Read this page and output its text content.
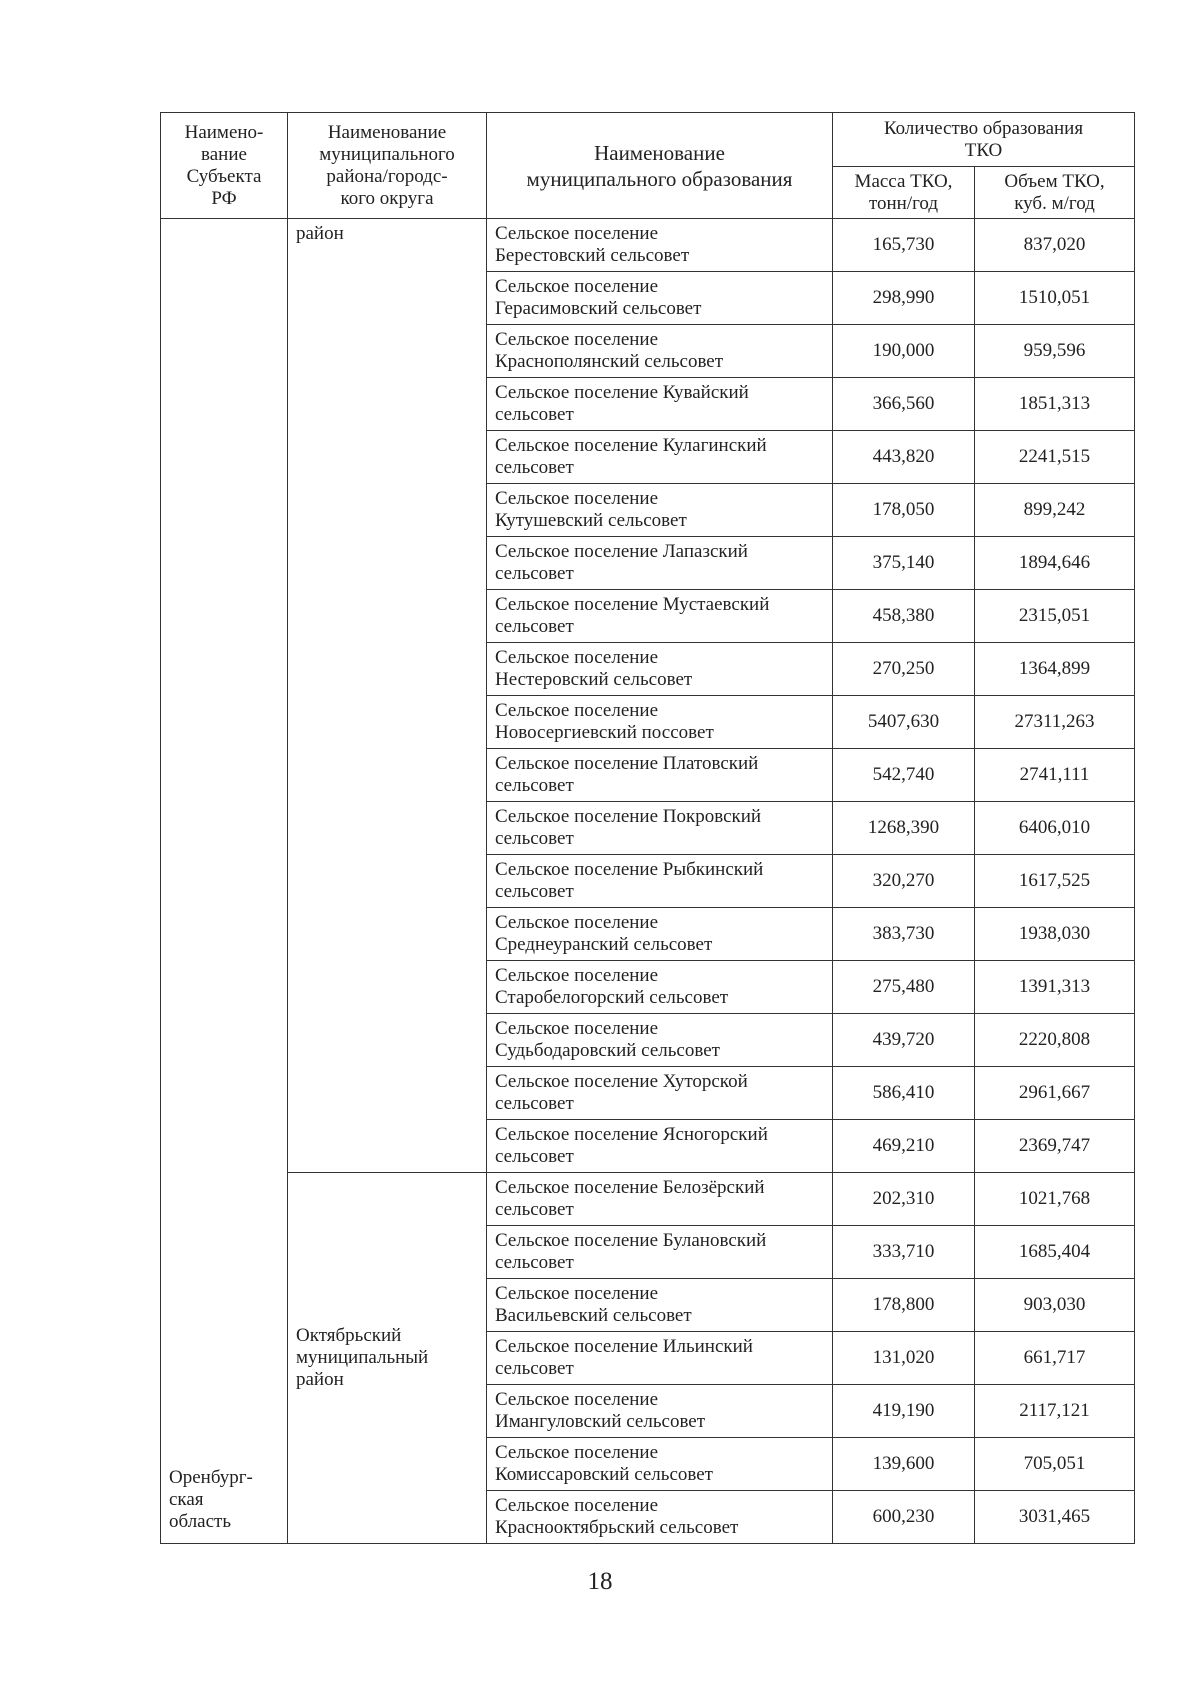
Наимено-
вание
Субъекта
РФ	Наименование
муниципального
района/городс-
кого округа	Наименование
муниципального образования	Количество образования
ТКО	
			Масса ТКО,
тонн/год	Объем ТКО,
куб. м/год
Оренбург-
ская
область	район	Сельское поселение
Берестовский сельсовет	165,730	837,020
		Сельское поселение
Герасимовский сельсовет	298,990	1510,051
		Сельское поселение
Краснополянский сельсовет	190,000	959,596
		Сельское поселение Кувайский
сельсовет	366,560	1851,313
		Сельское поселение Кулагинский
сельсовет	443,820	2241,515
		Сельское поселение
Кутушевский сельсовет	178,050	899,242
		Сельское поселение Лапазский
сельсовет	375,140	1894,646
		Сельское поселение Мустаевский
сельсовет	458,380	2315,051
		Сельское поселение
Нестеровский сельсовет	270,250	1364,899
		Сельское поселение
Новосергиевский поссовет	5407,630	27311,263
		Сельское поселение Платовский
сельсовет	542,740	2741,111
		Сельское поселение Покровский
сельсовет	1268,390	6406,010
		Сельское поселение Рыбкинский
сельсовет	320,270	1617,525
		Сельское поселение
Среднеуранский сельсовет	383,730	1938,030
		Сельское поселение
Старобелогорский сельсовет	275,480	1391,313
		Сельское поселение
Судьбодаровский сельсовет	439,720	2220,808
		Сельское поселение Хуторской
сельсовет	586,410	2961,667
		Сельское поселение Ясногорский
сельсовет	469,210	2369,747
	Октябрьский
муниципальный
район	Сельское поселение Белозёрский
сельсовет	202,310	1021,768
		Сельское поселение Булановский
сельсовет	333,710	1685,404
		Сельское поселение
Васильевский сельсовет	178,800	903,030
		Сельское поселение Ильинский
сельсовет	131,020	661,717
		Сельское поселение
Имангуловский сельсовет	419,190	2117,121
		Сельское поселение
Комиссаровский сельсовет	139,600	705,051
		Сельское поселение
Краснооктябрьский сельсовет	600,230	3031,465
18
